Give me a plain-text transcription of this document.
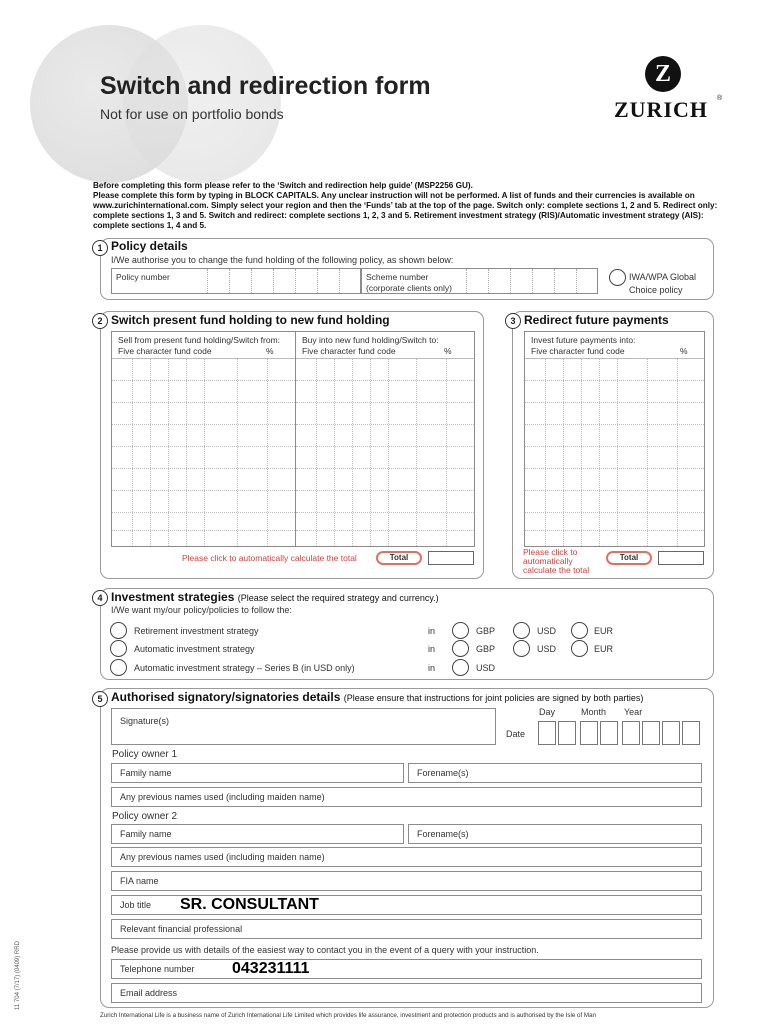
Switch and redirection form
Not for use on portfolio bonds
Z
ZURICH ®
Before completing this form please refer to the ‘Switch and redirection help guide’ (MSP2256 GU).
Please complete this form by typing in BLOCK CAPITALS. Any unclear instruction will not be performed. A list of funds and their currencies is available on www.zurichinternational.com. Simply select your region and then the ‘Funds’ tab at the top of the page. Switch only: complete sections 1, 2 and 5. Redirect only: complete sections 1, 3 and 5. Switch and redirect: complete sections 1, 2, 3 and 5. Retirement investment strategy (RIS)/Automatic investment strategy (AIS): complete sections 1, 4 and 5.
1 Policy details
I/We authorise you to change the fund holding of the following policy, as shown below:
Policy number	Scheme number
(corporate clients only)
IWA/WPA Global
Choice policy
2 Switch present fund holding to new fund holding
Sell from present fund holding/Switch from:
Five character fund code	%
Buy into new fund holding/Switch to:
Five character fund code	%
Please click to automatically calculate the total	Total
3 Redirect future payments
Invest future payments into:
Five character fund code	%
Please click to
automatically
calculate the total
Total
4 Investment strategies (Please select the required strategy and currency.)
I/We want my/our policy/policies to follow the:
Retirement investment strategy	in	GBP	USD	EUR
Automatic investment strategy	in	GBP	USD	EUR
Automatic investment strategy – Series B (in USD only)	in	USD
5 Authorised signatory/signatories details (Please ensure that instructions for joint policies are signed by both parties)
Signature(s)
Date
Day	Month Year
Policy owner 1
Family name	Forename(s)
Any previous names used (including maiden name)
Policy owner 2
Family name	Forename(s)
Any previous names used (including maiden name)
FIA name
Job title SR. CONSULTANT
Relevant financial professional
Please provide us with details of the easiest way to contact you in the event of a query with your instruction.
Telephone number 043231111
Email address
11 704 (7/17) (0409) RRD
Zurich International Life is a business name of Zurich International Life Limited which provides life assurance, investment and protection products and is authorised by the Isle of Man
